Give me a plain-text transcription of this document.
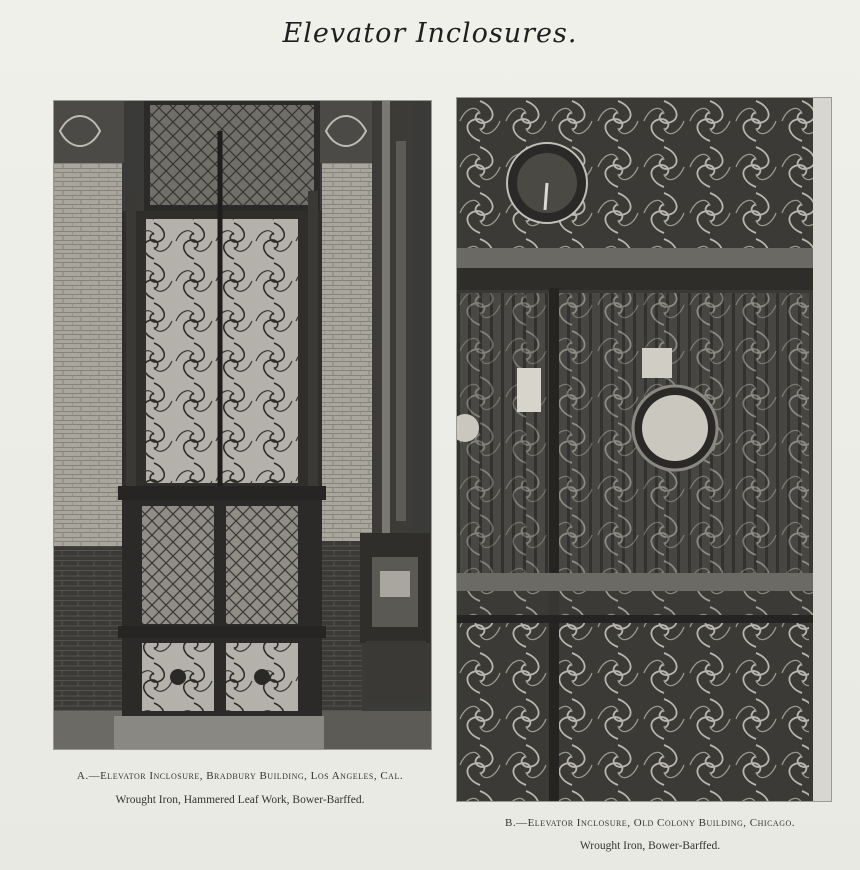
Elevator Inclosures.
A.—Elevator Inclosure, Bradbury Building, Los Angeles, Cal.
Wrought Iron, Hammered Leaf Work, Bower-Barffed.
B.—Elevator Inclosure, Old Colony Building, Chicago.
Wrought Iron, Bower-Barffed.
